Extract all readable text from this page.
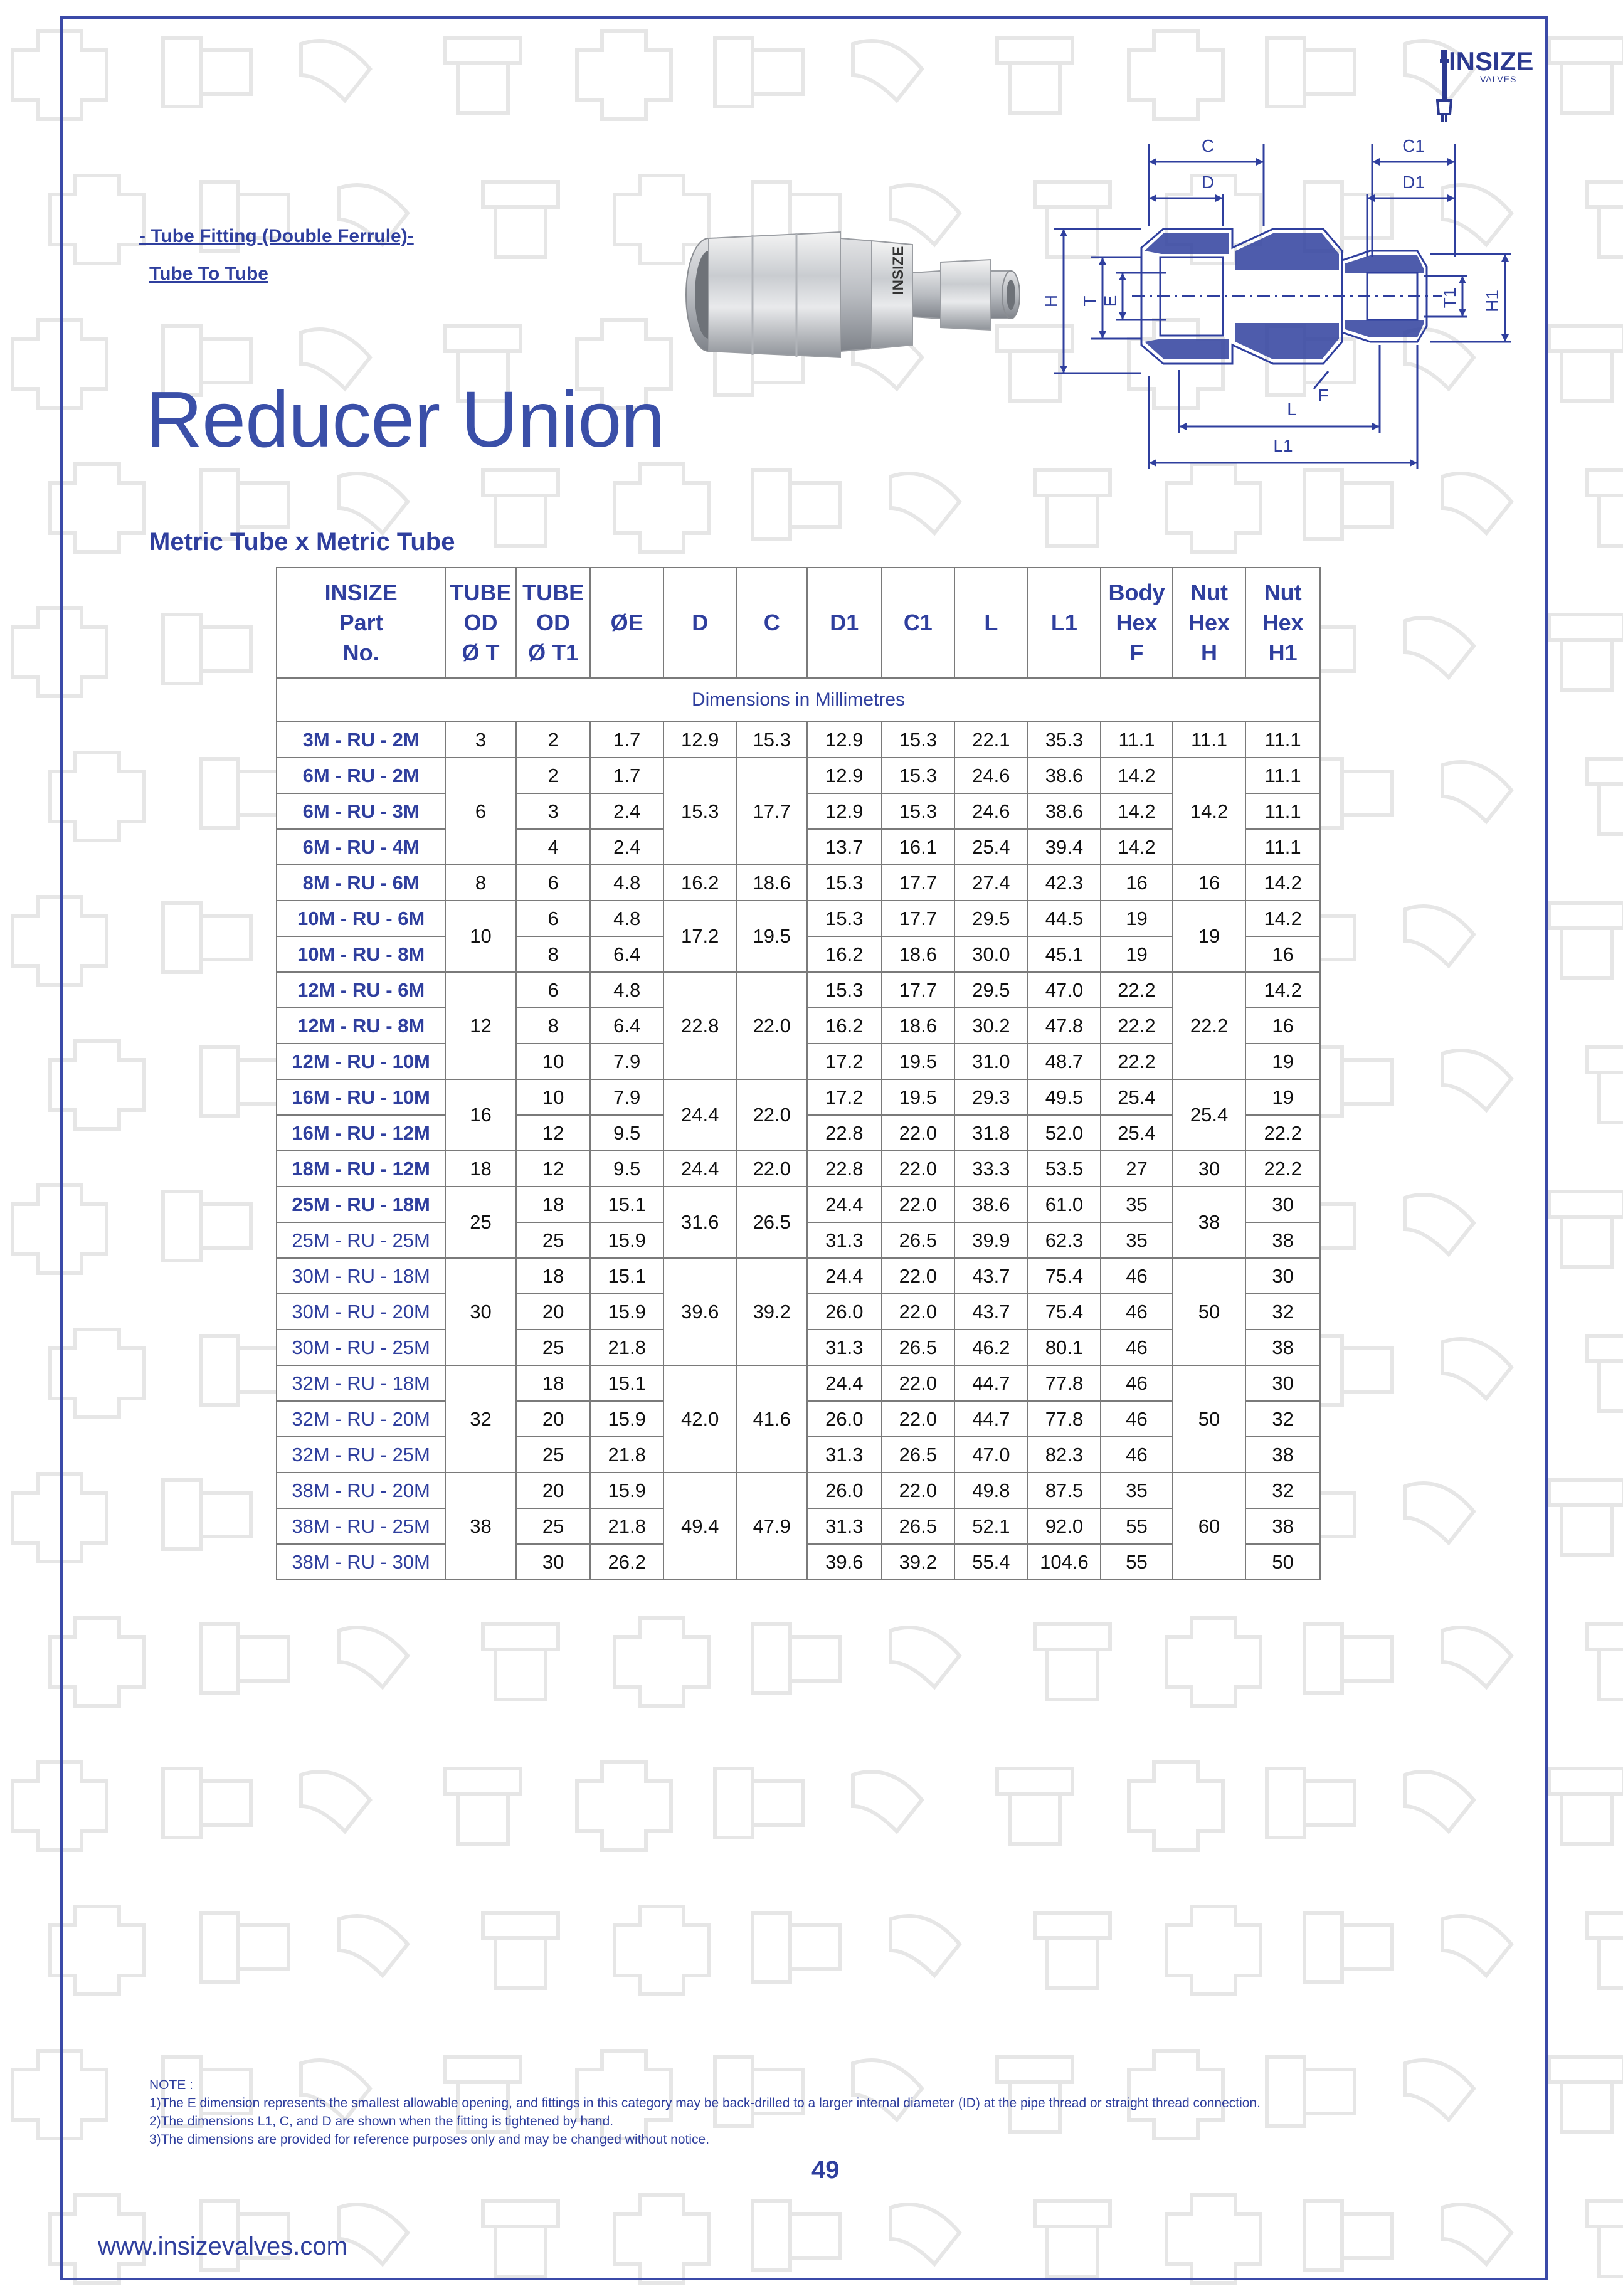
INSIZE
VALVES
- Tube Fitting (Double Ferrule)-
Tube To Tube
Reducer Union
INSIZE
C
D
C1
D1
H T E	T1 H1
F
L
L1
Metric Tube x Metric Tube
INSIZE
Part
No.	TUBE
OD
Ø T	TUBE
OD
Ø T1	ØE	D	C	D1	C1	L	L1	Body
Hex
F	Nut
Hex
H	Nut
Hex
H1
Dimensions in Millimetres												
3M - RU - 2M	3	2	1.7	12.9	15.3	12.9	15.3	22.1	35.3	11.1	11.1	11.1
6M - RU - 2M	6	2	1.7	15.3	17.7	12.9	15.3	24.6	38.6	14.2	14.2	11.1
6M - RU - 3M		3	2.4			12.9	15.3	24.6	38.6	14.2		11.1
6M - RU - 4M		4	2.4			13.7	16.1	25.4	39.4	14.2		11.1
8M - RU - 6M	8	6	4.8	16.2	18.6	15.3	17.7	27.4	42.3	16	16	14.2
10M - RU - 6M	10	6	4.8	17.2	19.5	15.3	17.7	29.5	44.5	19	19	14.2
10M - RU - 8M		8	6.4			16.2	18.6	30.0	45.1	19		16
12M - RU - 6M	12	6	4.8	22.8	22.0	15.3	17.7	29.5	47.0	22.2	22.2	14.2
12M - RU - 8M		8	6.4			16.2	18.6	30.2	47.8	22.2		16
12M - RU - 10M		10	7.9			17.2	19.5	31.0	48.7	22.2		19
16M - RU - 10M	16	10	7.9	24.4	22.0	17.2	19.5	29.3	49.5	25.4	25.4	19
16M - RU - 12M		12	9.5			22.8	22.0	31.8	52.0	25.4		22.2
18M - RU - 12M	18	12	9.5	24.4	22.0	22.8	22.0	33.3	53.5	27	30	22.2
25M - RU - 18M	25	18	15.1	31.6	26.5	24.4	22.0	38.6	61.0	35	38	30
25M - RU - 25M		25	15.9			31.3	26.5	39.9	62.3	35		38
30M - RU - 18M	30	18	15.1	39.6	39.2	24.4	22.0	43.7	75.4	46	50	30
30M - RU - 20M		20	15.9			26.0	22.0	43.7	75.4	46		32
30M - RU - 25M		25	21.8			31.3	26.5	46.2	80.1	46		38
32M - RU - 18M	32	18	15.1	42.0	41.6	24.4	22.0	44.7	77.8	46	50	30
32M - RU - 20M		20	15.9			26.0	22.0	44.7	77.8	46		32
32M - RU - 25M		25	21.8			31.3	26.5	47.0	82.3	46		38
38M - RU - 20M	38	20	15.9	49.4	47.9	26.0	22.0	49.8	87.5	35	60	32
38M - RU - 25M		25	21.8			31.3	26.5	52.1	92.0	55		38
38M - RU - 30M		30	26.2			39.6	39.2	55.4	104.6	55		50
NOTE :
1)The E dimension represents the smallest allowable opening, and fittings in this category may be back-drilled to a larger internal diameter (ID) at the pipe thread or straight thread connection.
2)The dimensions L1, C, and D are shown when the fitting is tightened by hand.
3)The dimensions are provided for reference purposes only and may be changed without notice.
49
www.insizevalves.com
